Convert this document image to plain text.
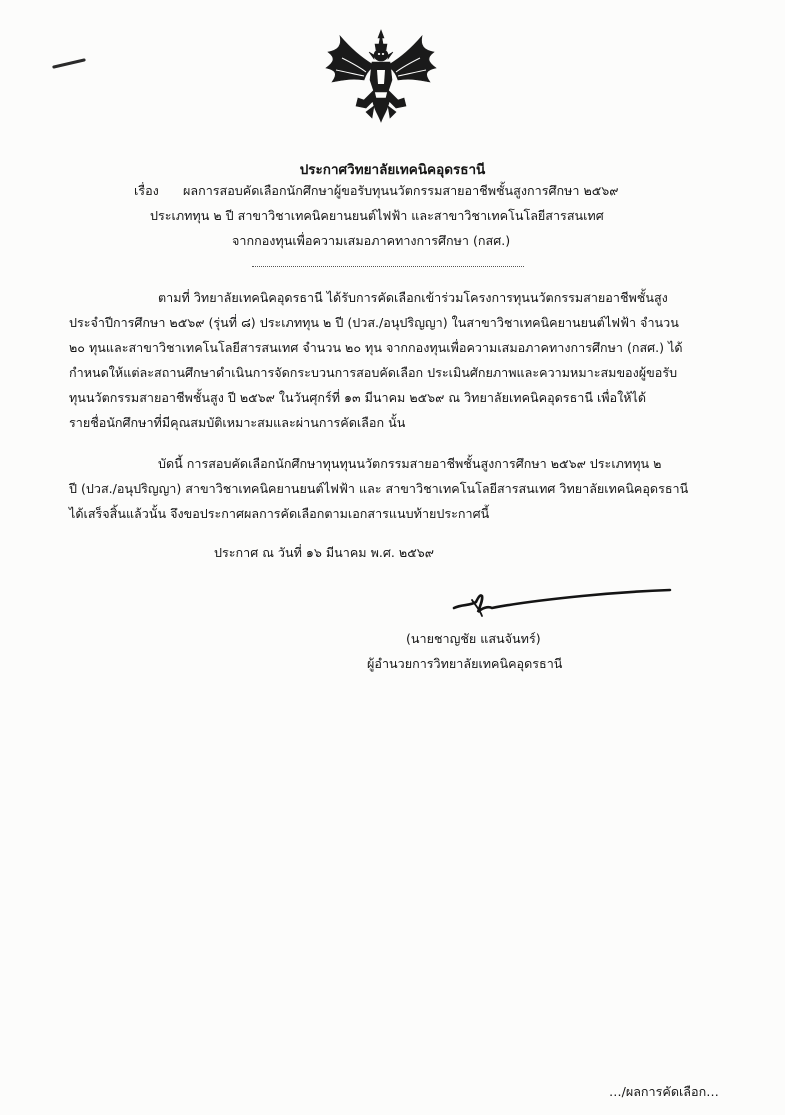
ประกาศวิทยาลัยเทคนิคอุดรธานี
เรื่อง ผลการสอบคัดเลือกนักศึกษาผู้ขอรับทุนนวัตกรรมสายอาชีพชั้นสูงการศึกษา ๒๕๖๙
ประเภททุน ๒ ปี สาขาวิชาเทคนิคยานยนต์ไฟฟ้า และสาขาวิชาเทคโนโลยีสารสนเทศ
จากกองทุนเพื่อความเสมอภาคทางการศึกษา (กสศ.)
ตามที่ วิทยาลัยเทคนิคอุดรธานี ได้รับการคัดเลือกเข้าร่วมโครงการทุนนวัตกรรมสายอาชีพชั้นสูง
ประจำปีการศึกษา ๒๕๖๙ (รุ่นที่ ๘) ประเภททุน ๒ ปี (ปวส./อนุปริญญา) ในสาขาวิชาเทคนิคยานยนต์ไฟฟ้า จำนวน
๒๐ ทุนและสาขาวิชาเทคโนโลยีสารสนเทศ จำนวน ๒๐ ทุน จากกองทุนเพื่อความเสมอภาคทางการศึกษา (กสศ.) ได้
กำหนดให้แต่ละสถานศึกษาดำเนินการจัดกระบวนการสอบคัดเลือก ประเมินศักยภาพและความหมาะสมของผู้ขอรับ
ทุนนวัตกรรมสายอาชีพชั้นสูง ปี ๒๕๖๙ ในวันศุกร์ที่ ๑๓ มีนาคม ๒๕๖๙ ณ วิทยาลัยเทคนิคอุดรธานี เพื่อให้ได้
รายชื่อนักศึกษาที่มีคุณสมบัติเหมาะสมและผ่านการคัดเลือก นั้น
บัดนี้ การสอบคัดเลือกนักศึกษาทุนทุนนวัตกรรมสายอาชีพชั้นสูงการศึกษา ๒๕๖๙ ประเภททุน ๒
ปี (ปวส./อนุปริญญา) สาขาวิชาเทคนิคยานยนต์ไฟฟ้า และ สาขาวิชาเทคโนโลยีสารสนเทศ วิทยาลัยเทคนิคอุดรธานี
ได้เสร็จสิ้นแล้วนั้น จึงขอประกาศผลการคัดเลือกตามเอกสารแนบท้ายประกาศนี้
ประกาศ ณ วันที่ ๑๖ มีนาคม พ.ศ. ๒๕๖๙
(นายชาญชัย แสนจันทร์)
ผู้อำนวยการวิทยาลัยเทคนิคอุดรธานี
…/ผลการคัดเลือก…
